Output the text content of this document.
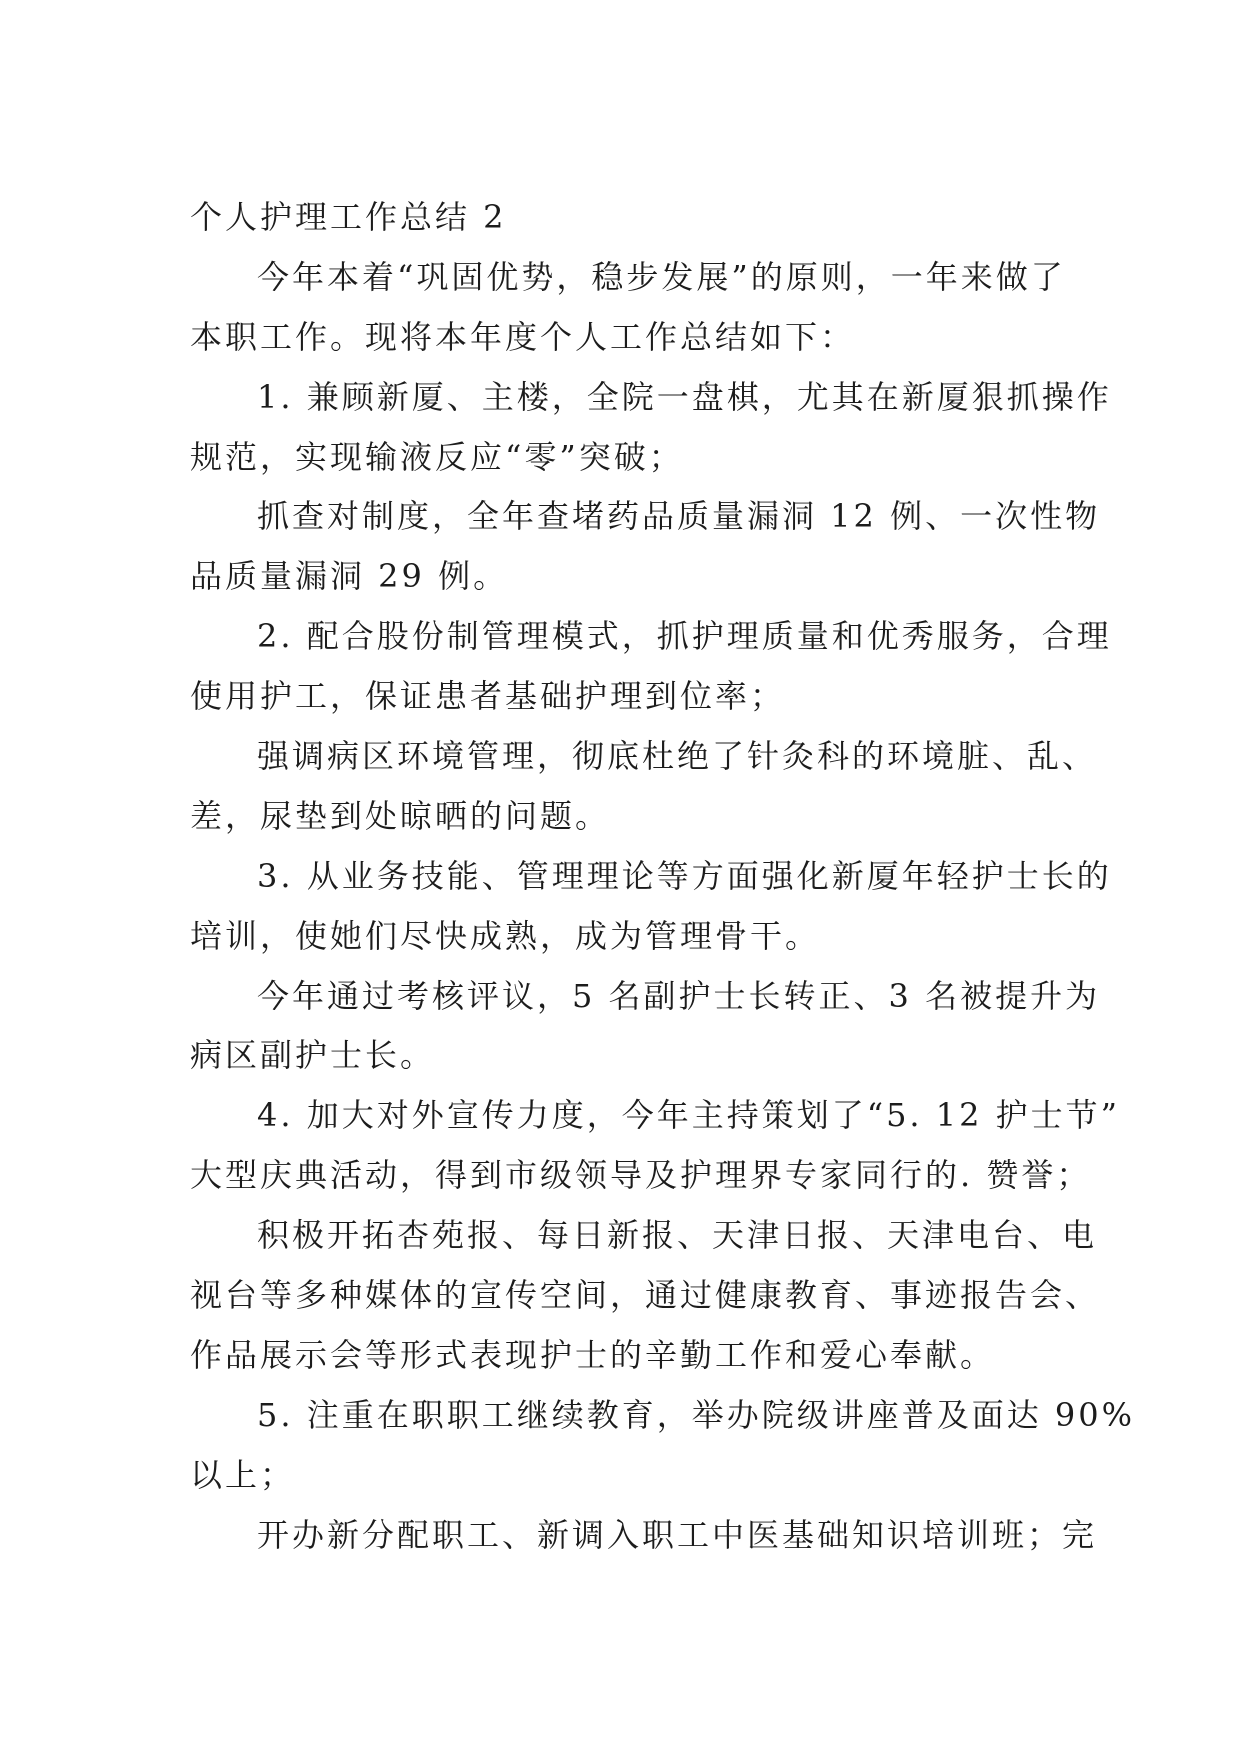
个人护理工作总结 2
今年本着“巩固优势，稳步发展”的原则，一年来做了
本职工作。现将本年度个人工作总结如下：
1. 兼顾新厦、主楼，全院一盘棋，尤其在新厦狠抓操作
规范，实现输液反应“零”突破；
抓查对制度，全年查堵药品质量漏洞 12 例、一次性物
品质量漏洞 29 例。
2. 配合股份制管理模式，抓护理质量和优秀服务，合理
使用护工，保证患者基础护理到位率；
强调病区环境管理，彻底杜绝了针灸科的环境脏、乱、
差，尿垫到处晾晒的问题。
3. 从业务技能、管理理论等方面强化新厦年轻护士长的
培训，使她们尽快成熟，成为管理骨干。
今年通过考核评议，5 名副护士长转正、3 名被提升为
病区副护士长。
4. 加大对外宣传力度，今年主持策划了“5. 12 护士节”
大型庆典活动，得到市级领导及护理界专家同行的. 赞誉；
积极开拓杏苑报、每日新报、天津日报、天津电台、电
视台等多种媒体的宣传空间，通过健康教育、事迹报告会、
作品展示会等形式表现护士的辛勤工作和爱心奉献。
5. 注重在职职工继续教育，举办院级讲座普及面达 90%
以上；
开办新分配职工、新调入职工中医基础知识培训班；完
